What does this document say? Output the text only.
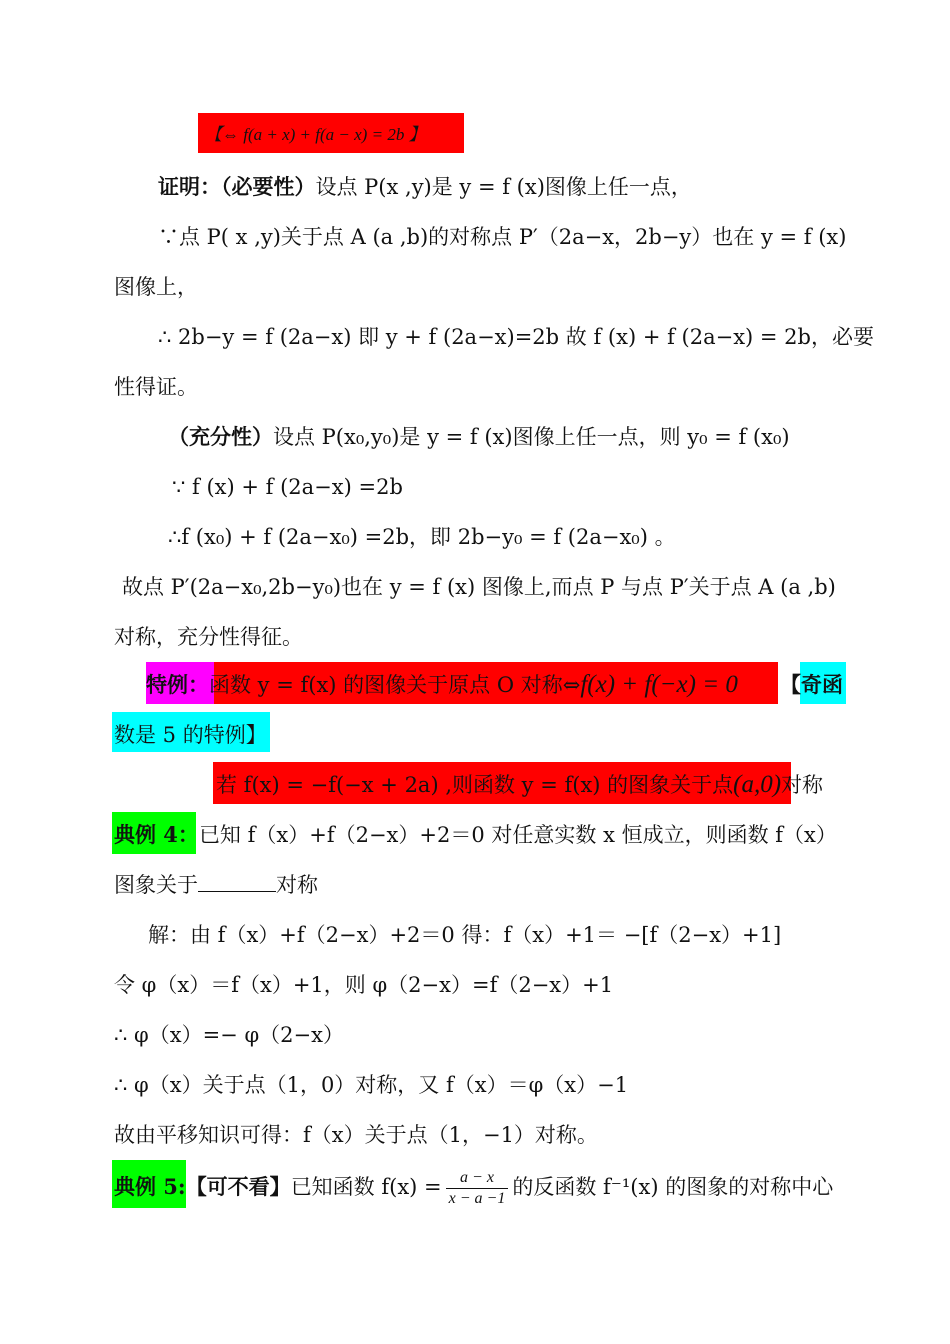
【⇔ f(a + x) + f(a − x) = 2b 】
证明：（必要性）设点 P(x ,y)是 y = f (x)图像上任一点，
∵点 P( x ,y)关于点 A (a ,b)的对称点 P′（2a−x，2b−y）也在 y = f (x)
图像上，
∴ 2b−y = f (2a−x) 即 y + f (2a−x)=2b 故 f (x) + f (2a−x) = 2b，必要
性得证。
（充分性）设点 P(x₀,y₀)是 y = f (x)图像上任一点，则 y₀ = f (x₀)
∵ f (x) + f (2a−x) =2b
∴f (x₀) + f (2a−x₀) =2b，即 2b−y₀ = f (2a−x₀) 。
故点 P′(2a−x₀,2b−y₀)也在 y = f (x) 图像上,而点 P 与点 P′关于点 A (a ,b)
对称，充分性得征。
特例：函数 y = f(x) 的图像关于原点 O 对称⇔f(x) + f(−x) = 0 【奇函
数是 5 的特例】
若 f(x) = −f(−x + 2a) ,则函数 y = f(x) 的图象关于点(a,0)对称
典例 4：已知 f（x）+f（2−x）+2＝0 对任意实数 x 恒成立，则函数 f（x）
图象关于	对称
解：由 f（x）+f（2−x）+2＝0 得：f（x）+1＝ −[f（2−x）+1]
令 φ（x）＝f（x）+1，则 φ（2−x）=f（2−x）+1
∴ φ（x）=− φ（2−x）
∴ φ（x）关于点（1，0）对称，又 f（x）＝φ（x）−1
故由平移知识可得：f（x）关于点（1，−1）对称。
典例 5:【可不看】已知函数 $f(x) = \frac{a - x}{x - a -1}$ 的反函数 f⁻¹(x) 的图象的对称中心
